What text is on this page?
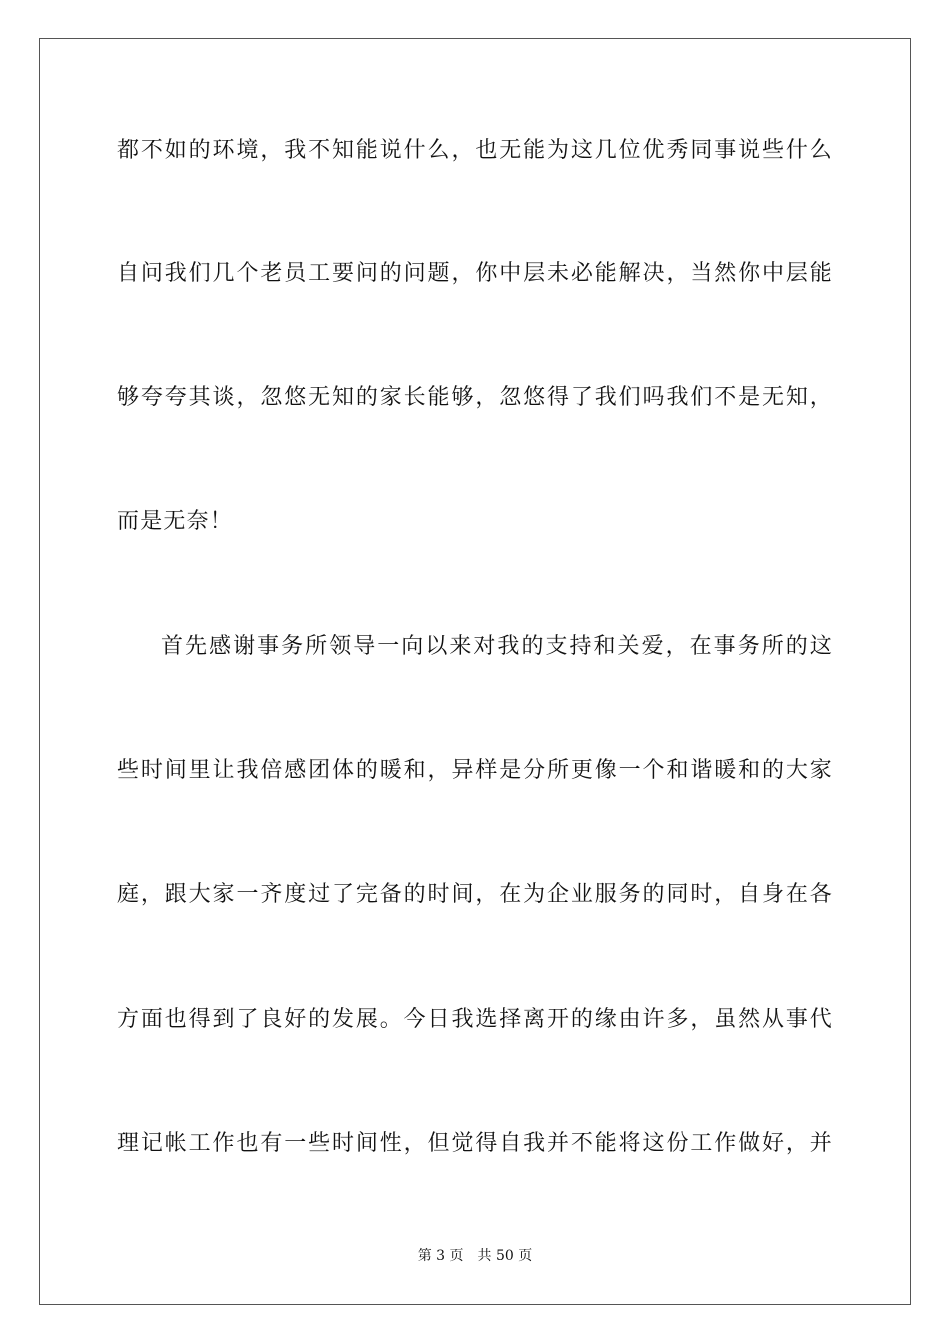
都不如的环境，我不知能说什么，也无能为这几位优秀同事说些什么
自问我们几个老员工要问的问题，你中层未必能解决，当然你中层能
够夸夸其谈，忽悠无知的家长能够，忽悠得了我们吗我们不是无知，
而是无奈！
首先感谢事务所领导一向以来对我的支持和关爱，在事务所的这
些时间里让我倍感团体的暖和，异样是分所更像一个和谐暖和的大家
庭，跟大家一齐度过了完备的时间，在为企业服务的同时，自身在各
方面也得到了良好的发展。今日我选择离开的缘由许多，虽然从事代
理记帐工作也有一些时间性，但觉得自我并不能将这份工作做好，并
第 3 页 共 50 页
